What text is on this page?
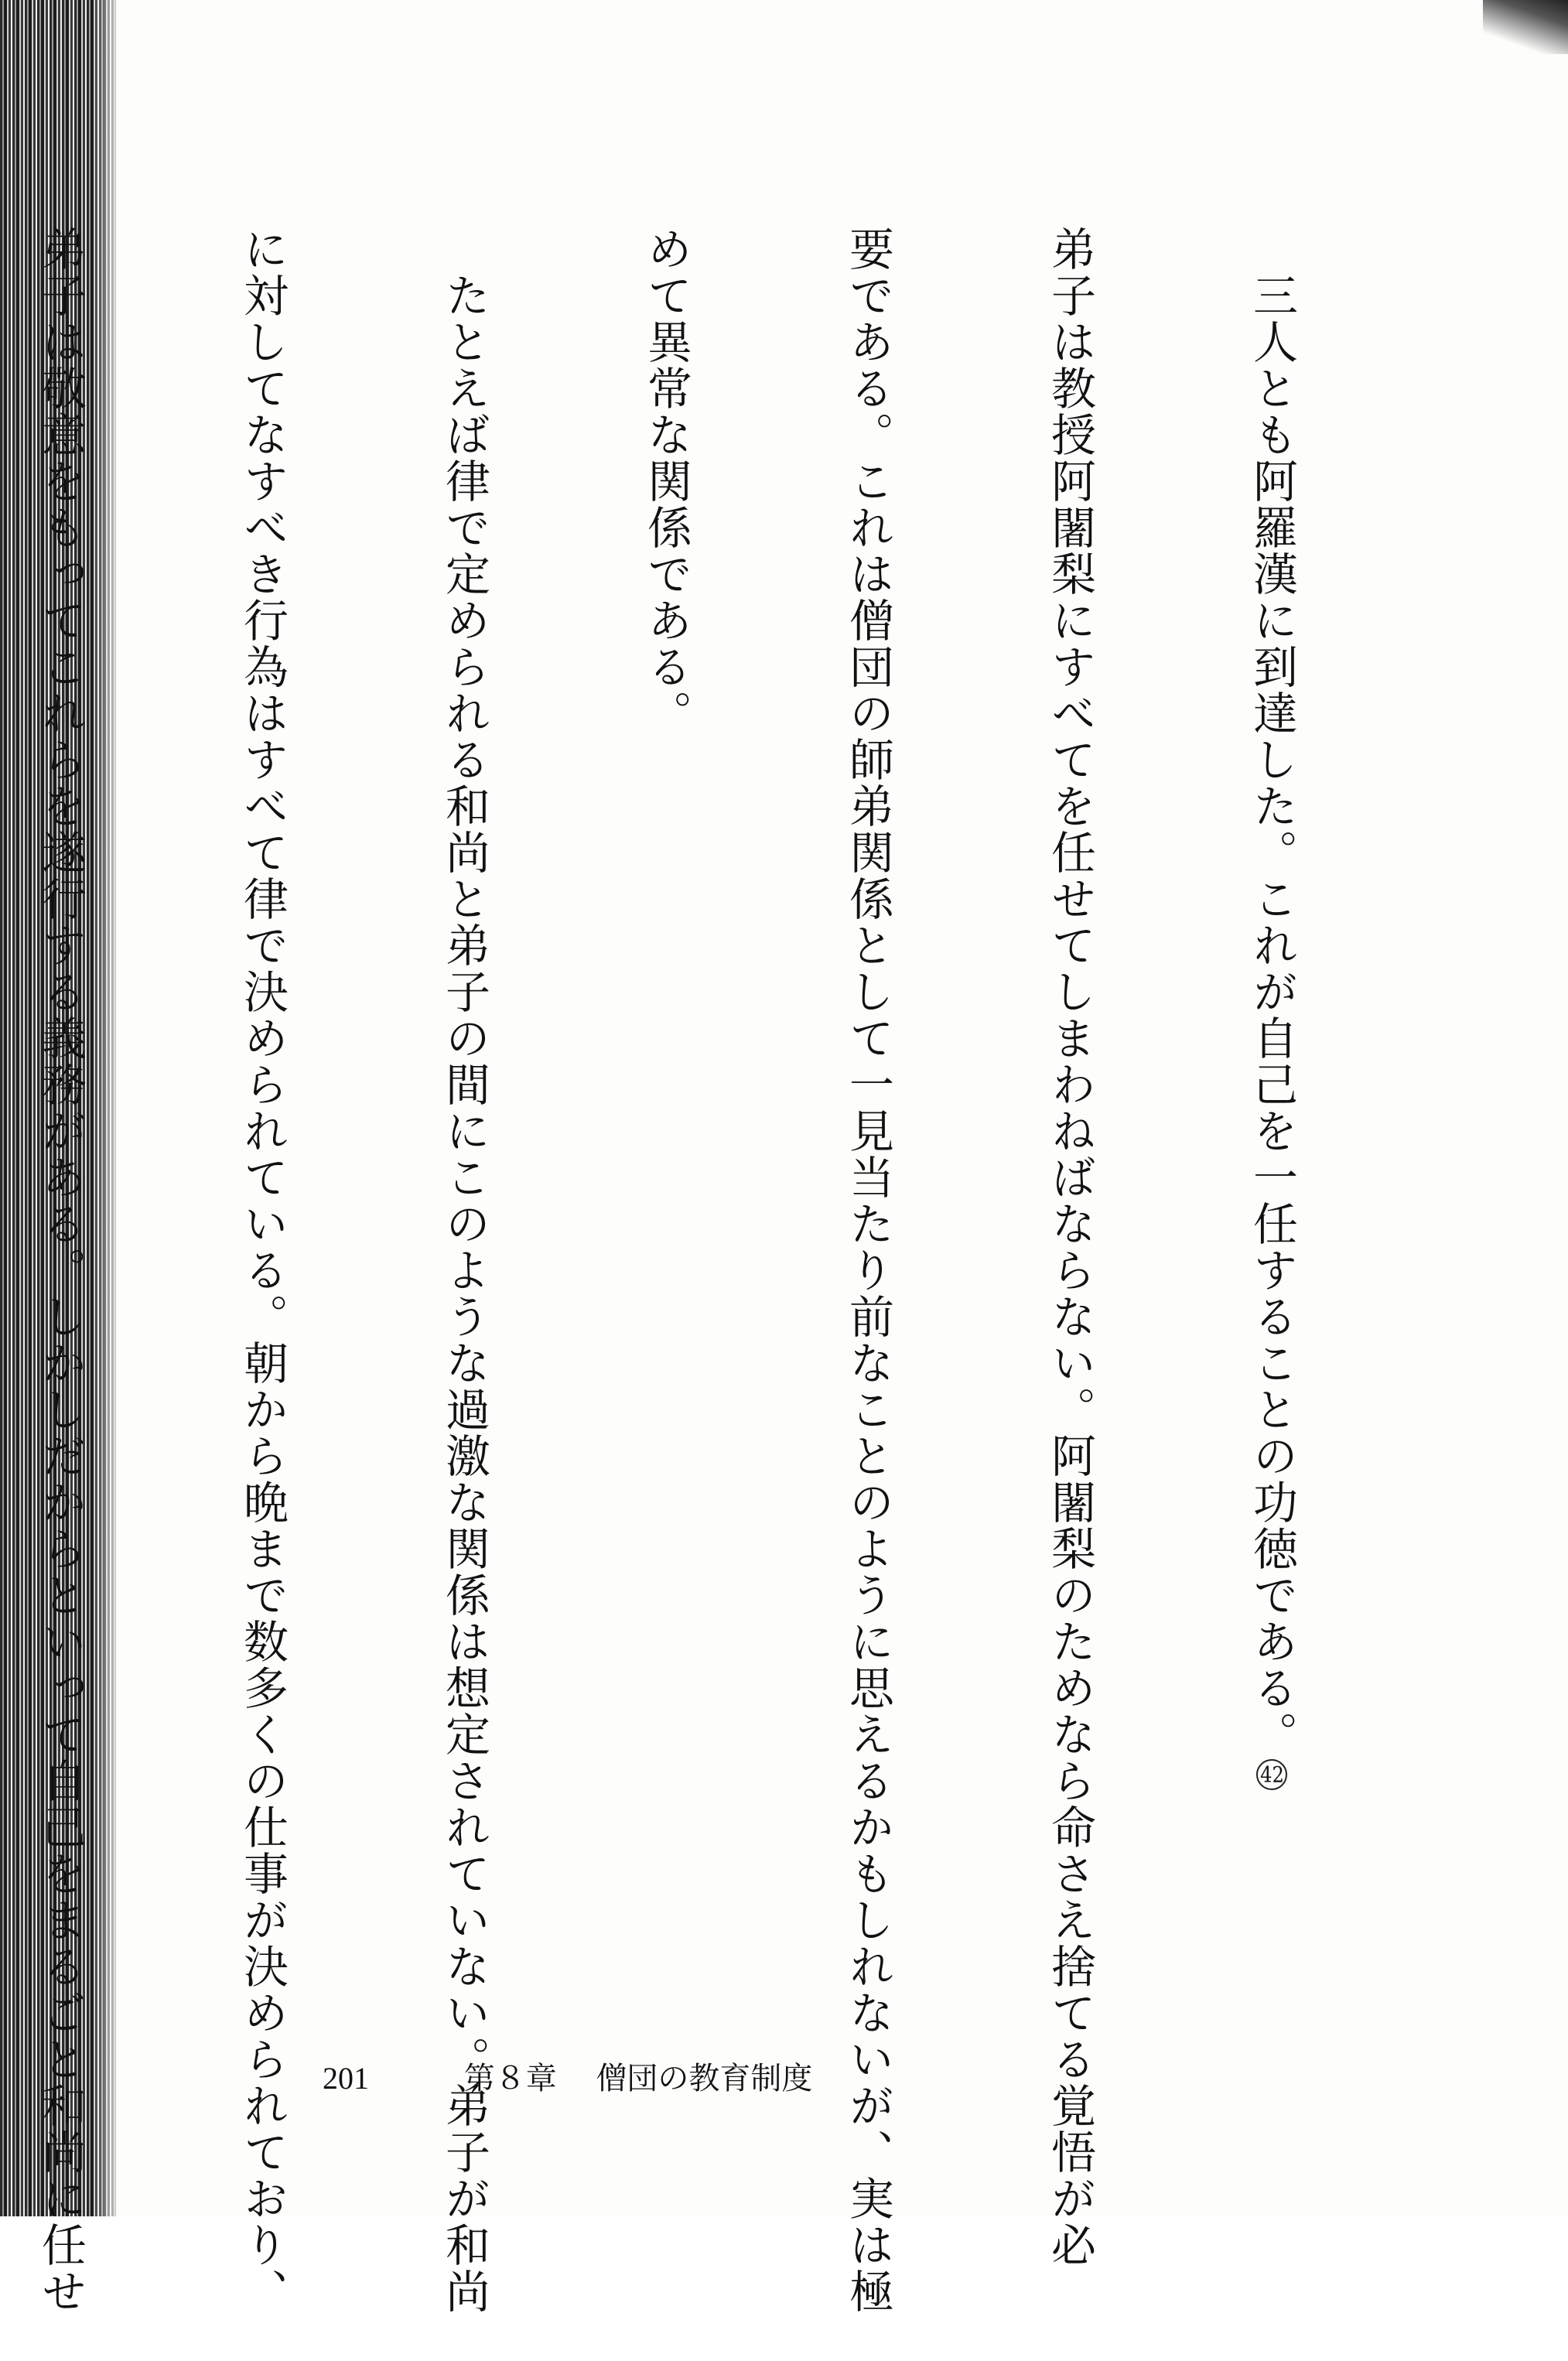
　三人とも阿羅漢に到達した。これが自己を一任することの功徳である。42

弟子は教授阿闍梨にすべてを任せてしまわねばならない。阿闍梨のためなら命さえ捨てる覚悟が必

要である。これは僧団の師弟関係として一見当たり前なことのように思えるかもしれないが、実は極

めて異常な関係である。

　たとえば律で定められる和尚と弟子の間にこのような過激な関係は想定されていない。弟子が和尚

に対してなすべき行為はすべて律で決められている。朝から晩まで数多くの仕事が決められており、

弟子は敬意をもってこれらを遂行する義務がある。しかしだからといって自己をまるごと和尚に任せ

	201	第８章 僧団の教育制度
